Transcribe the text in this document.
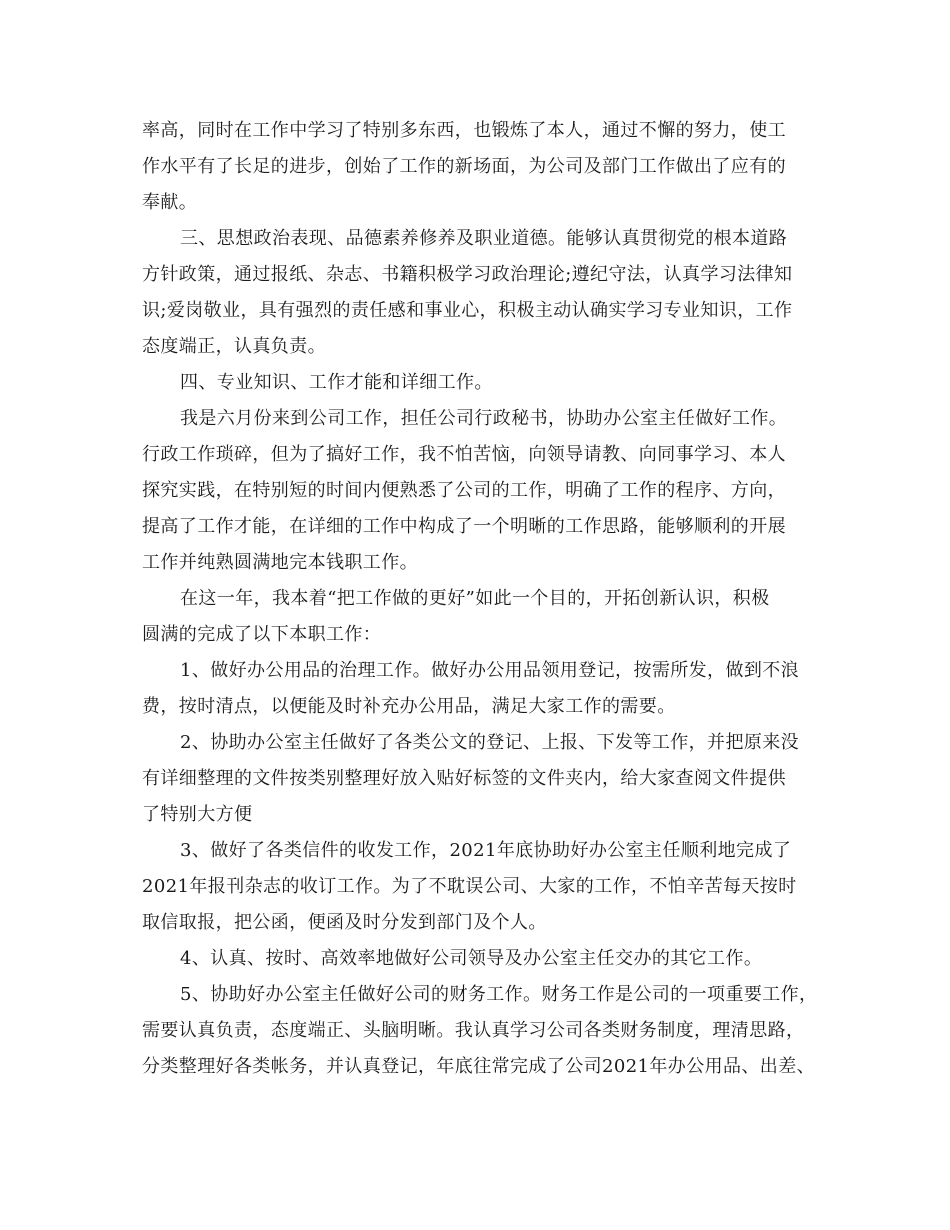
率高，同时在工作中学习了特别多东西，也锻炼了本人，通过不懈的努力，使工

作水平有了长足的进步，创始了工作的新场面，为公司及部门工作做出了应有的

奉献。

三、思想政治表现、品德素养修养及职业道德。能够认真贯彻党的根本道路

方针政策，通过报纸、杂志、书籍积极学习政治理论;遵纪守法，认真学习法律知

识;爱岗敬业，具有强烈的责任感和事业心，积极主动认确实学习专业知识，工作

态度端正，认真负责。

四、专业知识、工作才能和详细工作。

我是六月份来到公司工作，担任公司行政秘书，协助办公室主任做好工作。

行政工作琐碎，但为了搞好工作，我不怕苦恼，向领导请教、向同事学习、本人

探究实践，在特别短的时间内便熟悉了公司的工作，明确了工作的程序、方向，

提高了工作才能，在详细的工作中构成了一个明晰的工作思路，能够顺利的开展

工作并纯熟圆满地完本钱职工作。

在这一年，我本着“把工作做的更好”如此一个目的，开拓创新认识，积极

圆满的完成了以下本职工作：

1、做好办公用品的治理工作。做好办公用品领用登记，按需所发，做到不浪

费，按时清点，以便能及时补充办公用品，满足大家工作的需要。

2、协助办公室主任做好了各类公文的登记、上报、下发等工作，并把原来没

有详细整理的文件按类别整理好放入贴好标签的文件夹内，给大家查阅文件提供

了特别大方便

3、做好了各类信件的收发工作，2021年底协助好办公室主任顺利地完成了

2021年报刊杂志的收订工作。为了不耽误公司、大家的工作，不怕辛苦每天按时

取信取报，把公函，便函及时分发到部门及个人。

4、认真、按时、高效率地做好公司领导及办公室主任交办的其它工作。

5、协助好办公室主任做好公司的财务工作。财务工作是公司的一项重要工作，

需要认真负责，态度端正、头脑明晰。我认真学习公司各类财务制度，理清思路，

分类整理好各类帐务，并认真登记，年底往常完成了公司2021年办公用品、出差、
